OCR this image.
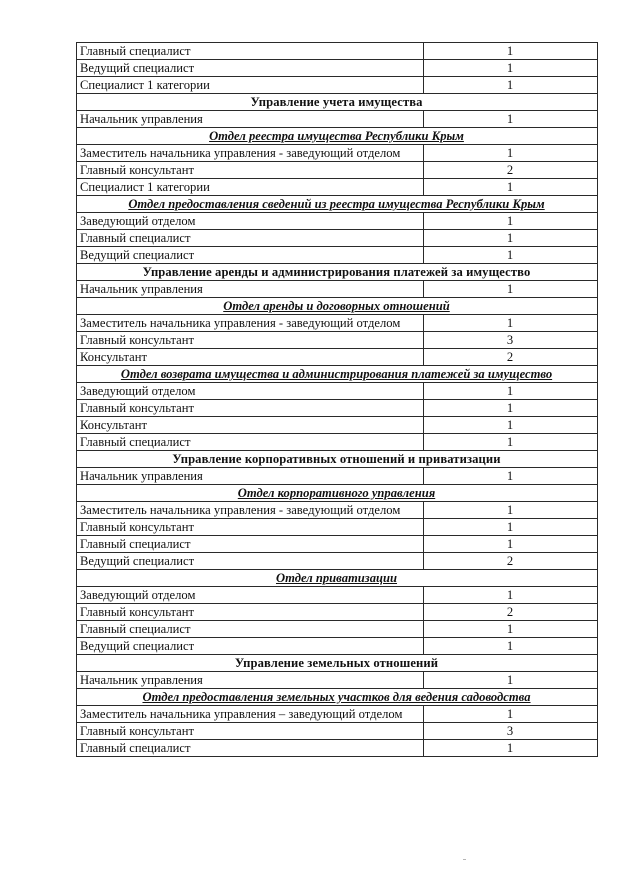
Главный специалист	1
Ведущий специалист	1
Специалист 1 категории	1
Управление учета имущества	
Начальник управления	1
Отдел реестра имущества Республики Крым	
Заместитель начальника управления - заведующий отделом	1
Главный консультант	2
Специалист 1 категории	1
Отдел предоставления сведений из реестра имущества Республики Крым	
Заведующий отделом	1
Главный специалист	1
Ведущий специалист	1
Управление аренды и администрирования платежей за имущество	
Начальник управления	1
Отдел аренды и договорных отношений	
Заместитель начальника управления - заведующий отделом	1
Главный консультант	3
Консультант	2
Отдел возврата имущества и администрирования платежей за имущество	
Заведующий отделом	1
Главный консультант	1
Консультант	1
Главный специалист	1
Управление корпоративных отношений и приватизации	
Начальник управления	1
Отдел корпоративного управления	
Заместитель начальника управления - заведующий отделом	1
Главный консультант	1
Главный специалист	1
Ведущий специалист	2
Отдел приватизации	
Заведующий отделом	1
Главный консультант	2
Главный специалист	1
Ведущий специалист	1
Управление земельных отношений	
Начальник управления	1
Отдел предоставления земельных участков для ведения садоводства	
Заместитель начальника управления – заведующий отделом	1
Главный консультант	3
Главный специалист	1
